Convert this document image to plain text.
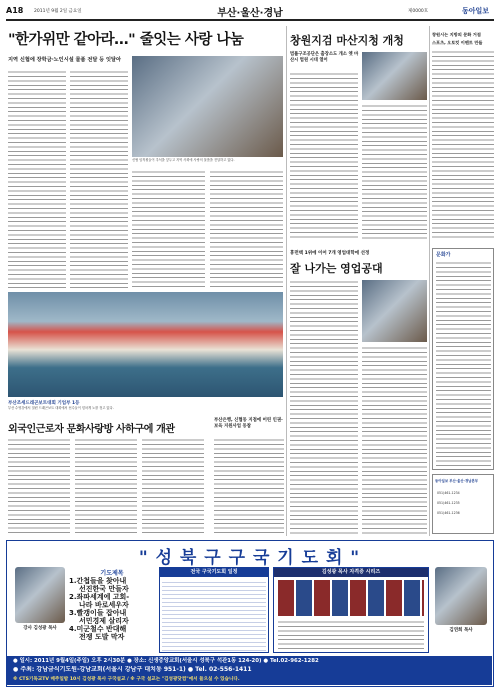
A18 2011년 9월 2일 금요일	부산·울산·경남	제0000호	동아일보
"한가위만 같아라…" 줄잇는 사랑 나눔
지역 신협에 장학금·노인시설 물품 전달 등 잇달아
신협 임직원들이 추석을 앞두고 지역 사회에 사랑의 물품을 전달하고 있다.
부산조세드래곤보트대회 기업부 1등
부산 수영강에서 열린 드래곤보트 대회에서 선수들이 힘차게 노를 젓고 있다.
외국인근로자 문화사랑방 사하구에 개관
부산은행, 신협동 지점에 어린 인권·보육 지원사업 동참
창원지검 마산지청 개청
법률구조공단은 출장소도 개소 옛 마산시 법원 시대 열어
휴먼텍 1위에 이어 7개 영업대학에 선정
잘 나가는 영업공대
창원시는 지방의 문화 거점
스포츠, 오토킷 이벤트 만들
문화가
동아일보 부산·울산·경남본부
051)461-1234
051)461-1235
051)461-1236
" 성 북 구 구 국 기 도 회 "
강사 김성광 목사
기도제목
1.간첩들을 찾아내
선진한국 만들자
2.좌파세계에 고회-
나라 바로세우자
3.빨갱이들 잡아내
서민경제 살리자
4.미군철수 반대해
전쟁 도발 막자
전국 구국기도회 일정	김성광 목사 자격증 시리즈
김연희 목사
● 일시: 2011년 9월4일(주일) 오후 2시30분 ● 장소: 신생중앙교회(서울시 성북구 석관1동 124-20) ● Tel.02-962-1282
● 주최: 강남금식기도원-강남교회(서울시 강남구 대치동 951-1) ● Tel. 02-556-1411
※ CTS기독교TV 매주일밤 10시 김성광 목사 구국설교 / ※ 구국 설교는 "김성광닷컴"에서 들으실 수 있습니다.
